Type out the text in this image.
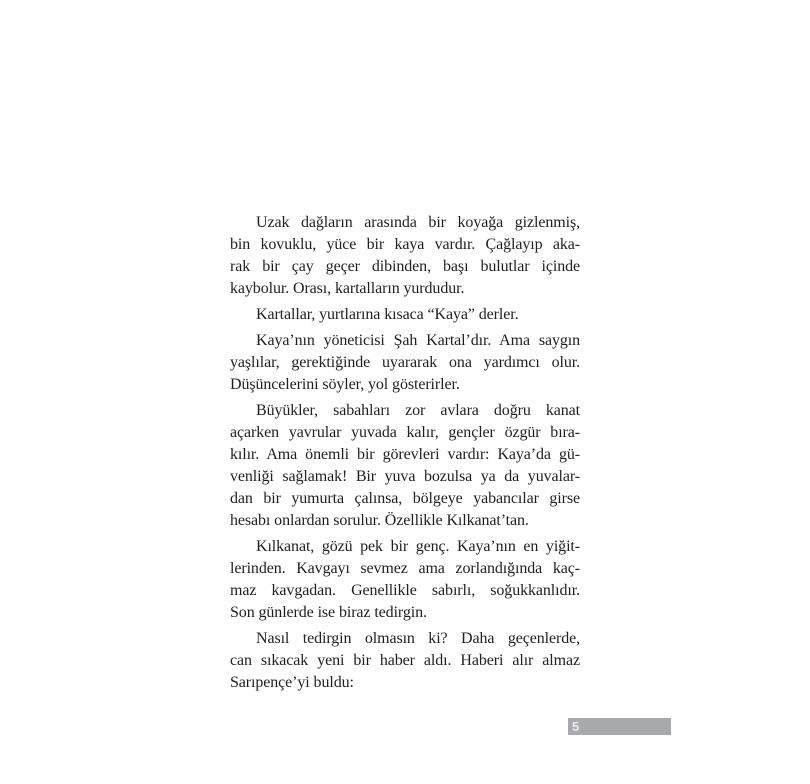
Uzak dağların arasında bir koyağa gizlenmiş,
bin kovuklu, yüce bir kaya vardır. Çağlayıp aka-
rak bir çay geçer dibinden, başı bulutlar içinde
kaybolur. Orası, kartalların yurdudur.
Kartallar, yurtlarına kısaca “Kaya” derler.
Kaya’nın yöneticisi Şah Kartal’dır. Ama saygın
yaşlılar, gerektiğinde uyararak ona yardımcı olur.
Düşüncelerini söyler, yol gösterirler.
Büyükler, sabahları zor avlara doğru kanat
açarken yavrular yuvada kalır, gençler özgür bıra-
kılır. Ama önemli bir görevleri vardır: Kaya’da gü-
venliği sağlamak! Bir yuva bozulsa ya da yuvalar-
dan bir yumurta çalınsa, bölgeye yabancılar girse
hesabı onlardan sorulur. Özellikle Kılkanat’tan.
Kılkanat, gözü pek bir genç. Kaya’nın en yiğit-
lerinden. Kavgayı sevmez ama zorlandığında kaç-
maz kavgadan. Genellikle sabırlı, soğukkanlıdır.
Son günlerde ise biraz tedirgin.
Nasıl tedirgin olmasın ki? Daha geçenlerde,
can sıkacak yeni bir haber aldı. Haberi alır almaz
Sarıpençe’yi buldu:
5
